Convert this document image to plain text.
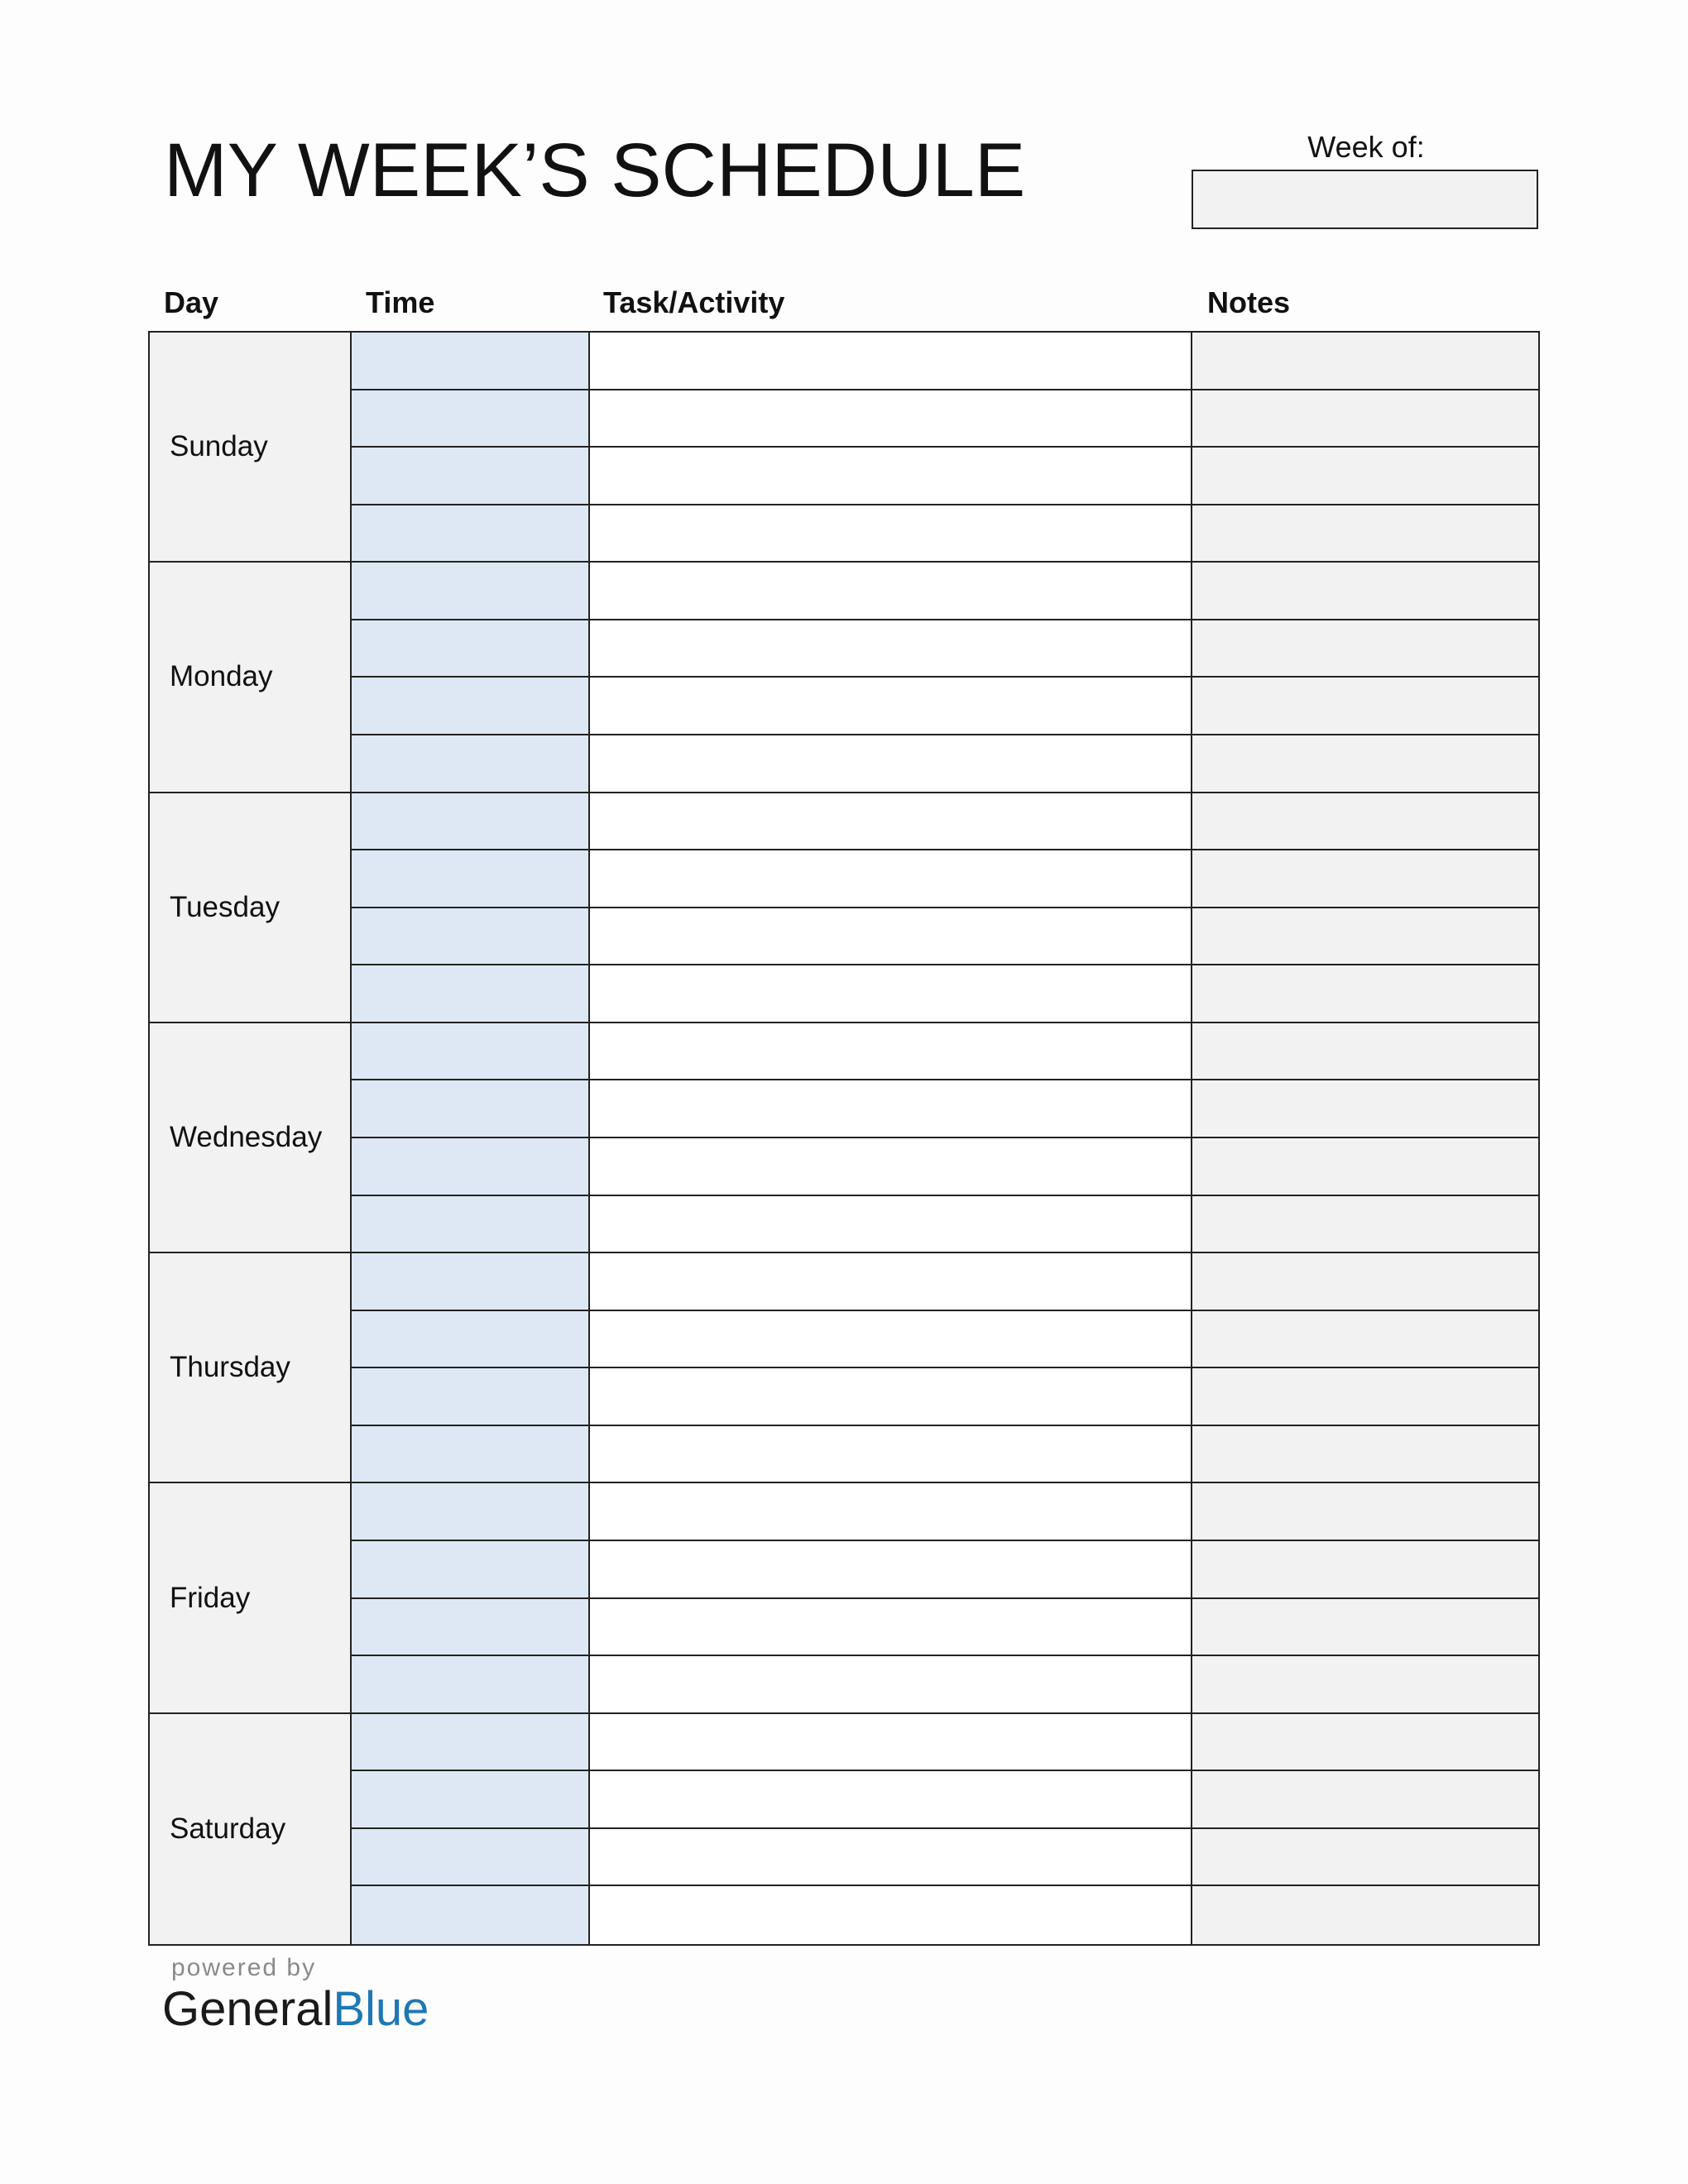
MY WEEK’S SCHEDULE	Week of:
Day	Time	Task/Activity	Notes
Sunday
Monday
Tuesday
Wednesday
Thursday
Friday
Saturday
powered by
GeneralBlue
